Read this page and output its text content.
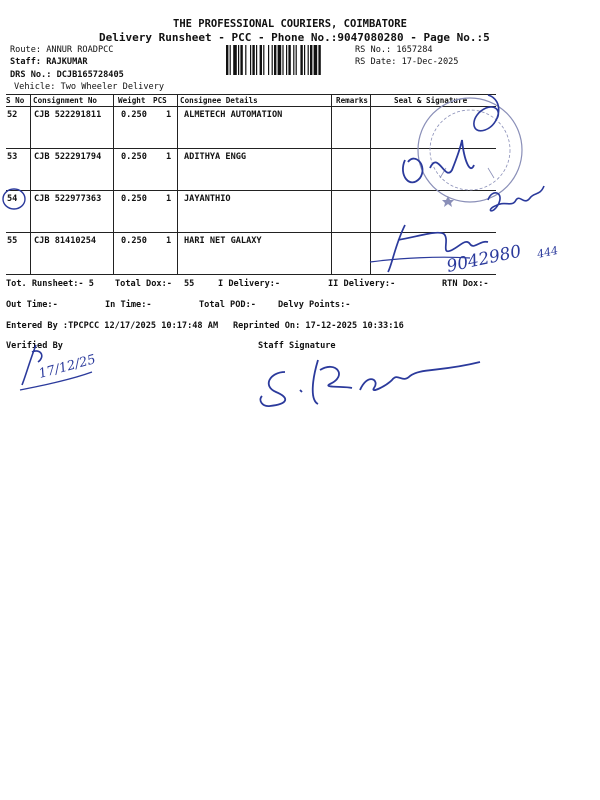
THE PROFESSIONAL COURIERS, COIMBATORE
Delivery Runsheet - PCC - Phone No.:9047080280 - Page No.:5
Route: ANNUR ROADPCC
Staff: RAJKUMAR
DRS No.: DCJB165728405
Vehicle: Two Wheeler Delivery
RS No.: 1657284
RS Date: 17-Dec-2025
S No Consignment No	Weight PCS Consignee Details	Remarks	Seal & Signature
52 CJB 522291811 0.250 1 ALMETECH AUTOMATION
53 CJB 522291794 0.250 1 ADITHYA ENGG
54 CJB 522977363 0.250 1 JAYANTHIO
55 CJB 81410254	0.250 1 HARI NET GALAXY
Tot. Runsheet:- 5 Total Dox:- 55	I Delivery:-	II Delivery:-	RTN Dox:-
Out Time:-	In Time:-	Total POD:-	Delvy Points:-
Entered By :TPCPCC 12/17/2025 10:17:48 AM Reprinted On: 17-12-2025 10:33:16
Verified By	Staff Signature
9042980 444
17/12/25
